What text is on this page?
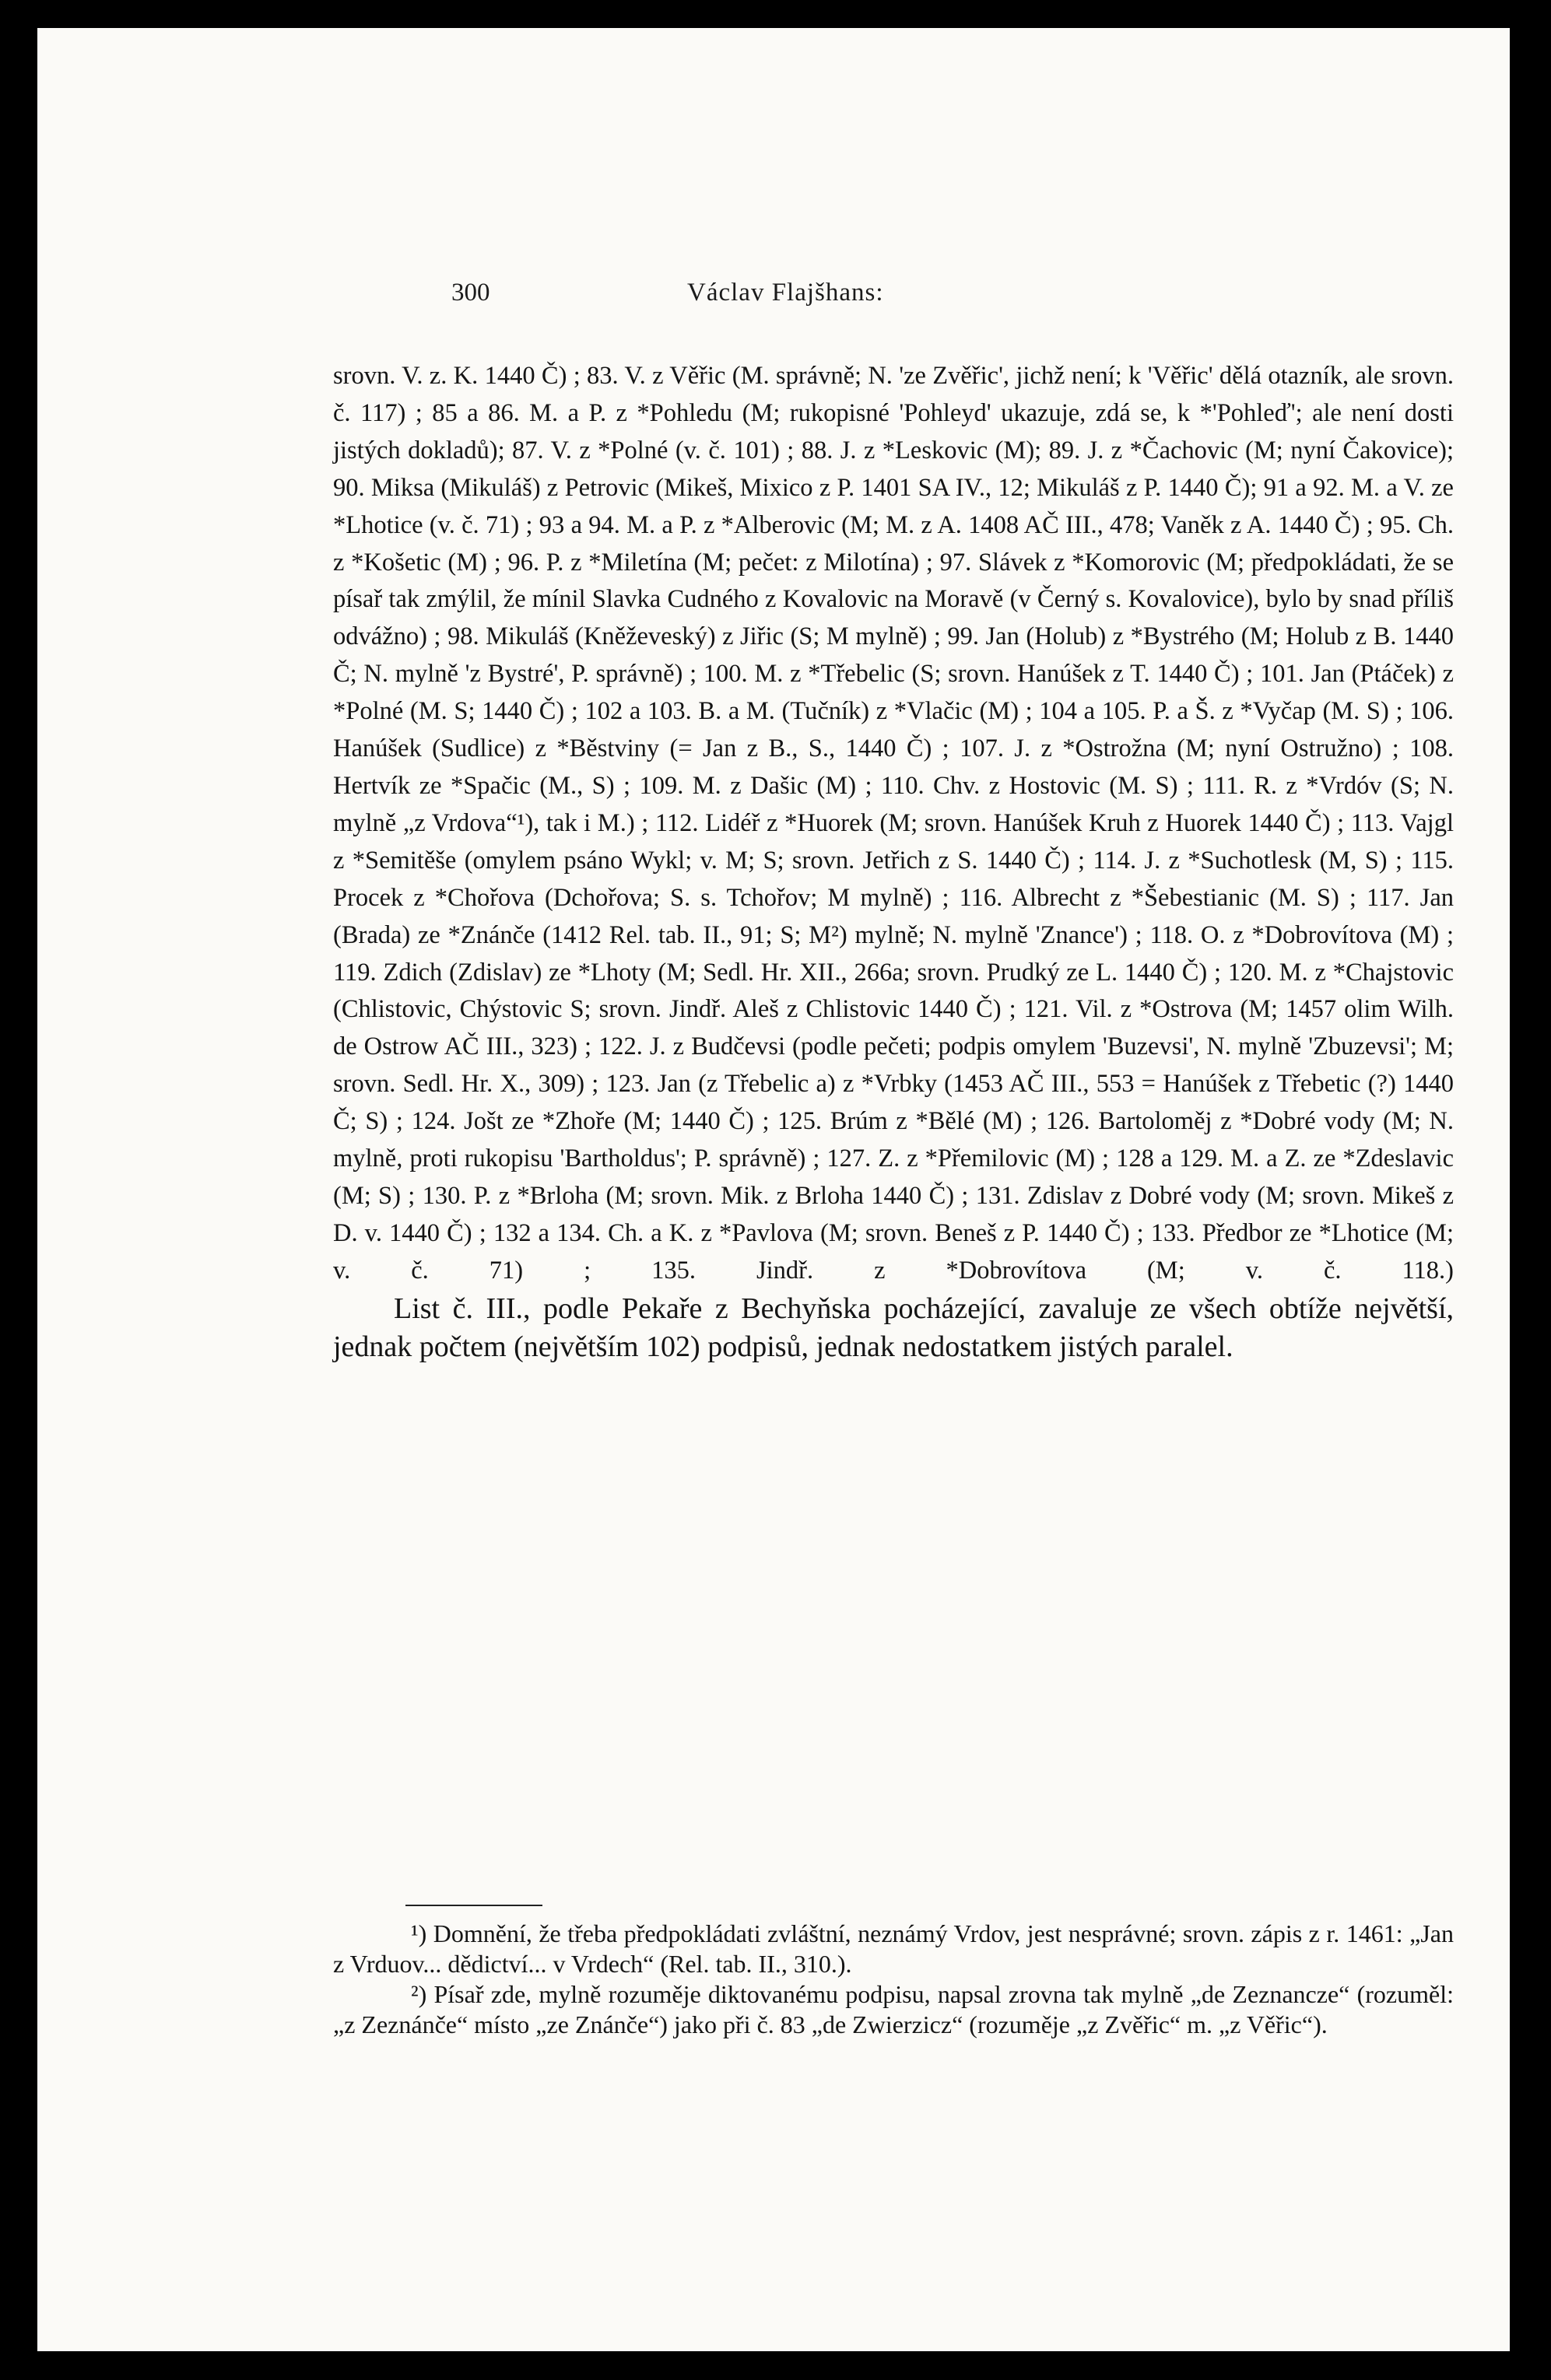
300	Václav Flajšhans:

srovn. V. z. K. 1440 Č) ; 83. V. z Věřic (M. správně; N. 'ze Zvěřic', jichž není; k 'Věřic' dělá otazník, ale srovn. č. 117) ; 85 a 86. M. a P. z *Pohledu (M; rukopisné 'Pohleyd' ukazuje, zdá se, k *'Pohleď'; ale není dosti jistých dokladů); 87. V. z *Polné (v. č. 101) ; 88. J. z *Leskovic (M); 89. J. z *Čachovic (M; nyní Čakovice); 90. Miksa (Mikuláš) z Petrovic (Mikeš, Mixico z P. 1401 SA IV., 12; Mikuláš z P. 1440 Č); 91 a 92. M. a V. ze *Lhotice (v. č. 71) ; 93 a 94. M. a P. z *Alberovic (M; M. z A. 1408 AČ III., 478; Vaněk z A. 1440 Č) ; 95. Ch. z *Košetic (M) ; 96. P. z *Miletína (M; pečet: z Milotína) ; 97. Slávek z *Komorovic (M; předpokládati, že se písař tak zmýlil, že mínil Slavka Cudného z Kovalovic na Moravě (v Černý s. Kovalovice), bylo by snad příliš odvážno) ; 98. Mikuláš (Kněževeský) z Jiřic (S; M mylně) ; 99. Jan (Holub) z *Bystrého (M; Holub z B. 1440 Č; N. mylně 'z Bystré', P. správně) ; 100. M. z *Třebelic (S; srovn. Hanúšek z T. 1440 Č) ; 101. Jan (Ptáček) z *Polné (M. S; 1440 Č) ; 102 a 103. B. a M. (Tučník) z *Vlačic (M) ; 104 a 105. P. a Š. z *Vyčap (M. S) ; 106. Hanúšek (Sudlice) z *Běstviny (= Jan z B., S., 1440 Č) ; 107. J. z *Ostrožna (M; nyní Ostružno) ; 108. Hertvík ze *Spačic (M., S) ; 109. M. z Dašic (M) ; 110. Chv. z Hostovic (M. S) ; 111. R. z *Vrdóv (S; N. mylně „z Vrdova“¹), tak i M.) ; 112. Lidéř z *Huorek (M; srovn. Hanúšek Kruh z Huorek 1440 Č) ; 113. Vajgl z *Semitěše (omylem psáno Wykl; v. M; S; srovn. Jetřich z S. 1440 Č) ; 114. J. z *Suchotlesk (M, S) ; 115. Procek z *Chořova (Dchořova; S. s. Tchořov; M mylně) ; 116. Albrecht z *Šebestianic (M. S) ; 117. Jan (Brada) ze *Znánče (1412 Rel. tab. II., 91; S; M²) mylně; N. mylně 'Znance') ; 118. O. z *Dobrovítova (M) ; 119. Zdich (Zdislav) ze *Lhoty (M; Sedl. Hr. XII., 266a; srovn. Prudký ze L. 1440 Č) ; 120. M. z *Chajstovic (Chlistovic, Chýstovic S; srovn. Jindř. Aleš z Chlistovic 1440 Č) ; 121. Vil. z *Ostrova (M; 1457 olim Wilh. de Ostrow AČ III., 323) ; 122. J. z Budčevsi (podle pečeti; podpis omylem 'Buzevsi', N. mylně 'Zbuzevsi'; M; srovn. Sedl. Hr. X., 309) ; 123. Jan (z Třebelic a) z *Vrbky (1453 AČ III., 553 = Hanúšek z Třebetic (?) 1440 Č; S) ; 124. Jošt ze *Zhoře (M; 1440 Č) ; 125. Brúm z *Bělé (M) ; 126. Bartoloměj z *Dobré vody (M; N. mylně, proti rukopisu 'Bartholdus'; P. správně) ; 127. Z. z *Přemilovic (M) ; 128 a 129. M. a Z. ze *Zdeslavic (M; S) ; 130. P. z *Brloha (M; srovn. Mik. z Brloha 1440 Č) ; 131. Zdislav z Dobré vody (M; srovn. Mikeš z D. v. 1440 Č) ; 132 a 134. Ch. a K. z *Pavlova (M; srovn. Beneš z P. 1440 Č) ; 133. Předbor ze *Lhotice (M; v. č. 71) ; 135. Jindř. z *Dobrovítova (M; v. č. 118.)

List č. III., podle Pekaře z Bechyňska pocházející, zavaluje ze všech obtíže největší, jednak počtem (největším 102) podpisů, jednak nedostatkem jistých paralel.

¹) Domnění, že třeba předpokládati zvláštní, neznámý Vrdov, jest nesprávné; srovn. zápis z r. 1461: „Jan z Vrduov... dědictví... v Vrdech“ (Rel. tab. II., 310.).

²) Písař zde, mylně rozuměje diktovanému podpisu, napsal zrovna tak mylně „de Zeznancze“ (rozuměl: „z Zeznánče“ místo „ze Znánče“) jako při č. 83 „de Zwierzicz“ (rozuměje „z Zvěřic“ m. „z Věřic“).
